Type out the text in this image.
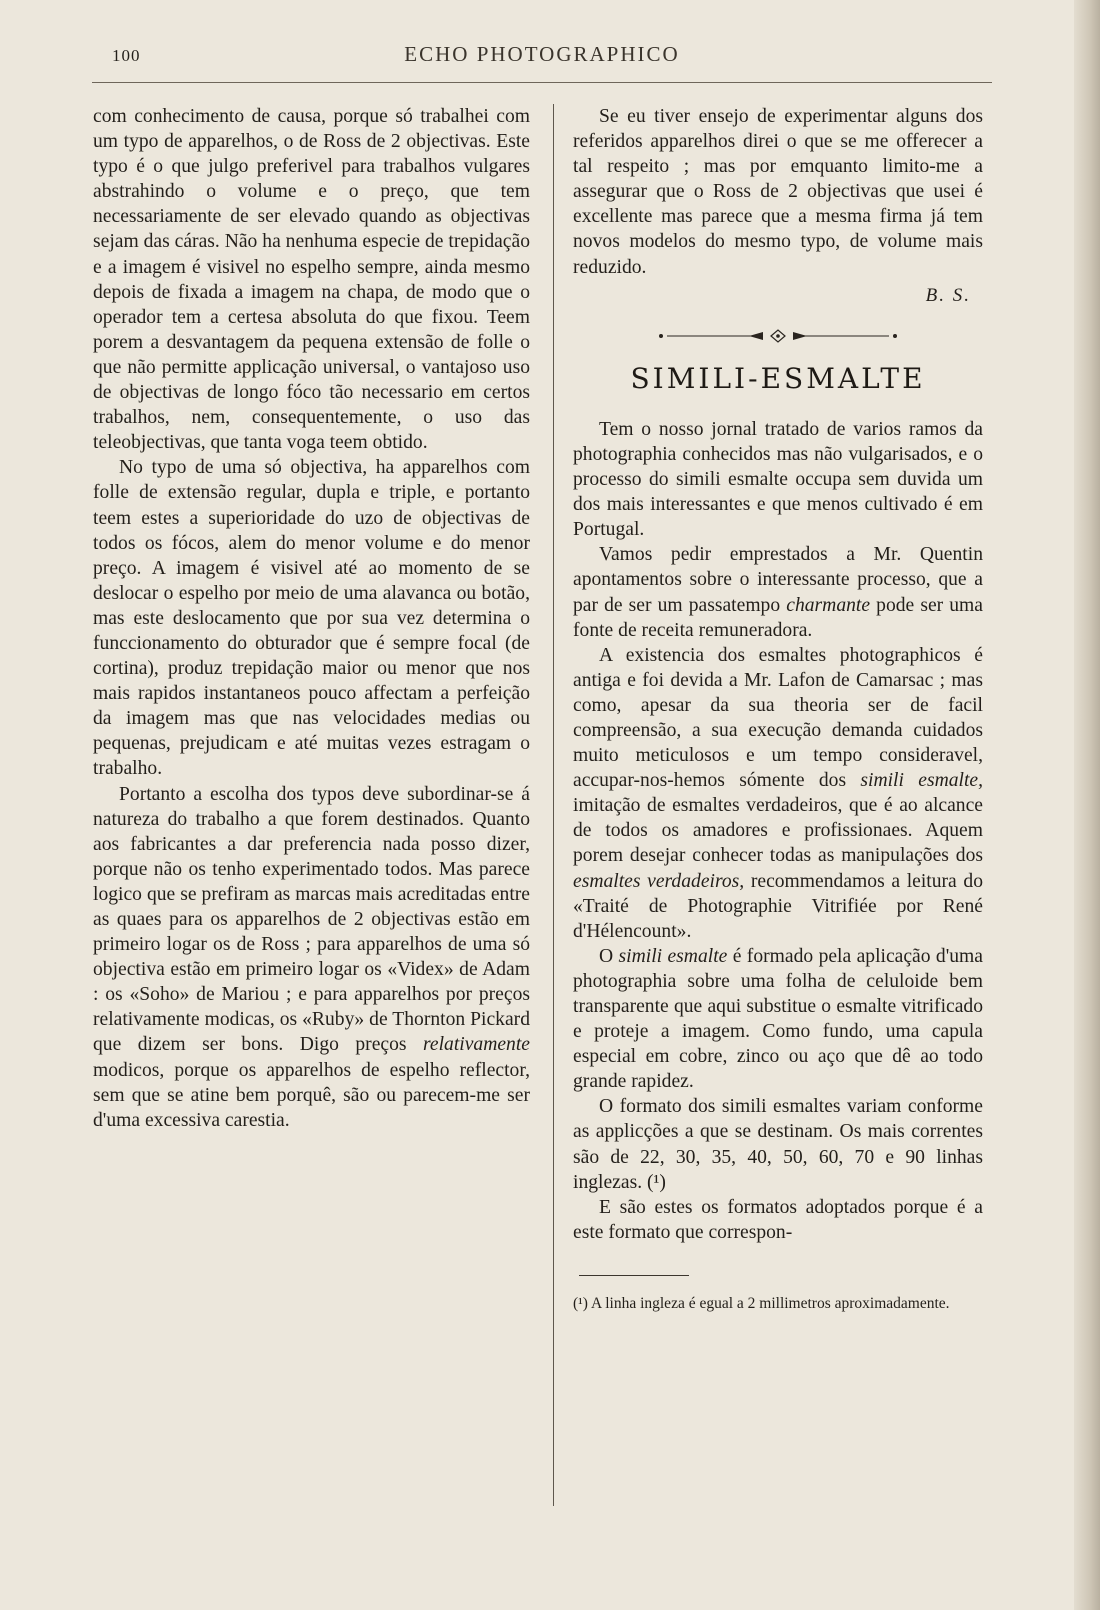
100	ECHO PHOTOGRAPHICO

com conhecimento de causa, porque só trabalhei com um typo de apparelhos, o de Ross de 2 objectivas. Este typo é o que julgo preferivel para trabalhos vulgares abstrahindo o volume e o preço, que tem necessariamente de ser elevado quando as objectivas sejam das cáras. Não ha nenhuma especie de trepidação e a imagem é visivel no espelho sempre, ainda mesmo depois de fixada a imagem na chapa, de modo que o operador tem a certesa absoluta do que fixou. Teem porem a desvantagem da pequena extensão de folle o que não permitte applicação universal, o vantajoso uso de objectivas de longo fóco tão necessario em certos trabalhos, nem, consequentemente, o uso das teleobjectivas, que tanta voga teem obtido.

No typo de uma só objectiva, ha apparelhos com folle de extensão regular, dupla e triple, e portanto teem estes a superioridade do uzo de objectivas de todos os fócos, alem do menor volume e do menor preço. A imagem é visivel até ao momento de se deslocar o espelho por meio de uma alavanca ou botão, mas este deslocamento que por sua vez determina o funccionamento do obturador que é sempre focal (de cortina), produz trepidação maior ou menor que nos mais rapidos instantaneos pouco affectam a perfeição da imagem mas que nas velocidades medias ou pequenas, prejudicam e até muitas vezes estragam o trabalho.

Portanto a escolha dos typos deve subordinar-se á natureza do trabalho a que forem destinados. Quanto aos fabricantes a dar preferencia nada posso dizer, porque não os tenho experimentado todos. Mas parece logico que se prefiram as marcas mais acreditadas entre as quaes para os apparelhos de 2 objectivas estão em primeiro logar os de Ross ; para apparelhos de uma só objectiva estão em primeiro logar os «Videx» de Adam : os «Soho» de Mariou ; e para apparelhos por preços relativamente modicas, os «Ruby» de Thornton Pickard que dizem ser bons. Digo preços relativamente modicos, porque os apparelhos de espelho reflector, sem que se atine bem porquê, são ou parecem-me ser d'uma excessiva carestia.

Se eu tiver ensejo de experimentar alguns dos referidos apparelhos direi o que se me offerecer a tal respeito ; mas por emquanto limito-me a assegurar que o Ross de 2 objectivas que usei é excellente mas parece que a mesma firma já tem novos modelos do mesmo typo, de volume mais reduzido.

B. S.
SIMILI-ESMALTE

Tem o nosso jornal tratado de varios ramos da photographia conhecidos mas não vulgarisados, e o processo do simili esmalte occupa sem duvida um dos mais interessantes e que menos cultivado é em Portugal.

Vamos pedir emprestados a Mr. Quentin apontamentos sobre o interessante processo, que a par de ser um passatempo charmante pode ser uma fonte de receita remuneradora.

A existencia dos esmaltes photographicos é antiga e foi devida a Mr. Lafon de Camarsac ; mas como, apesar da sua theoria ser de facil compreensão, a sua execução demanda cuidados muito meticulosos e um tempo consideravel, accupar-nos-hemos sómente dos simili esmalte, imitação de esmaltes verdadeiros, que é ao alcance de todos os amadores e profissionaes. Aquem porem desejar conhecer todas as manipulações dos esmaltes verdadeiros, recommendamos a leitura do «Traité de Photographie Vitrifiée por René d'Hélencount».

O simili esmalte é formado pela aplicação d'uma photographia sobre uma folha de celuloide bem transparente que aqui substitue o esmalte vitrificado e proteje a imagem. Como fundo, uma capula especial em cobre, zinco ou aço que dê ao todo grande rapidez.

O formato dos simili esmaltes variam conforme as applicções a que se destinam. Os mais correntes são de 22, 30, 35, 40, 50, 60, 70 e 90 linhas inglezas. (¹)

E são estes os formatos adoptados porque é a este formato que correspon-

(¹) A linha ingleza é egual a 2 millimetros aproximadamente.
